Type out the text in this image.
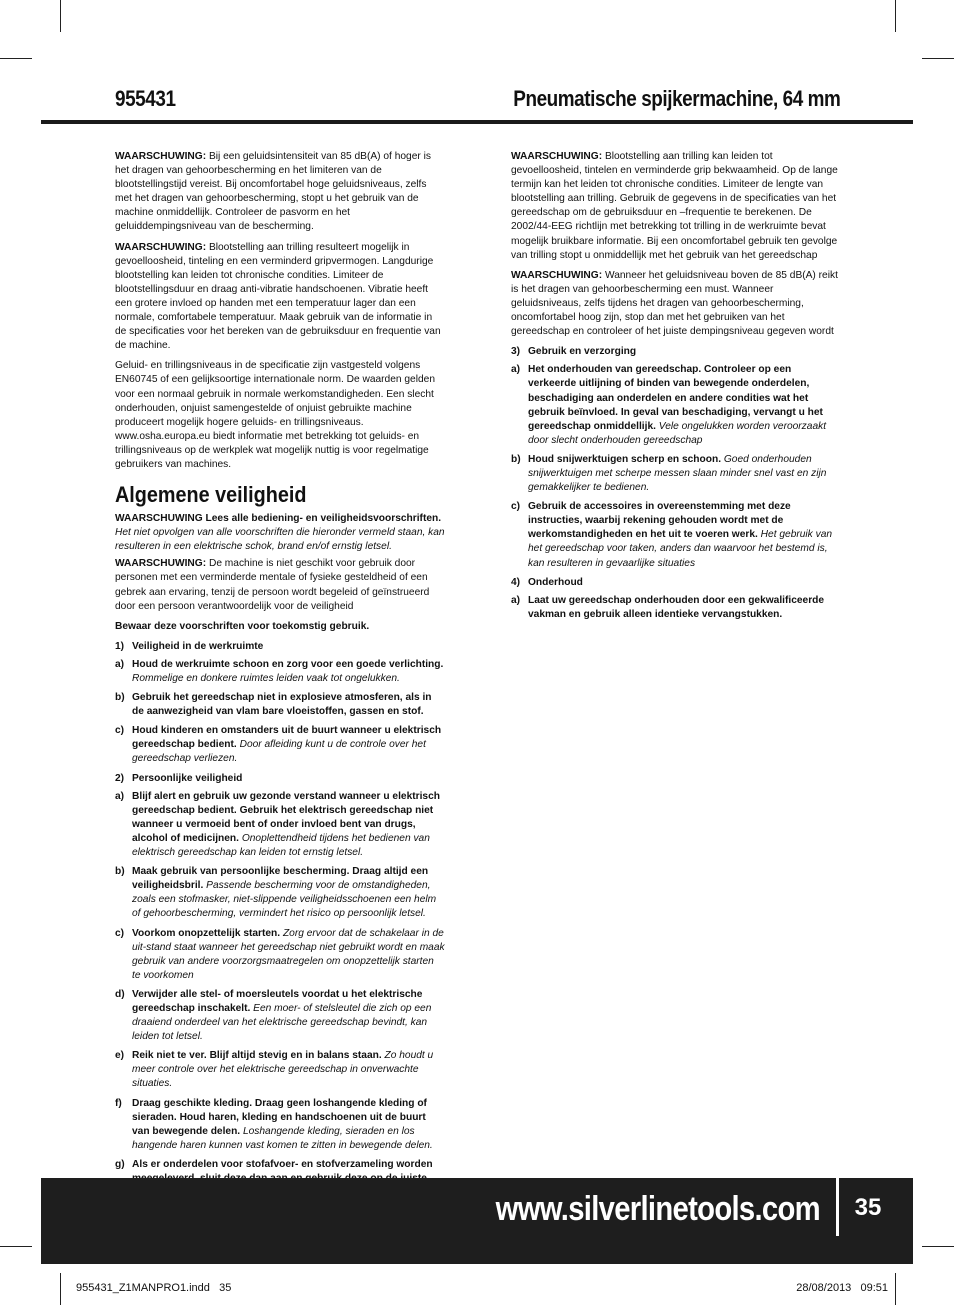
955431	Pneumatische spijkermachine, 64 mm

WAARSCHUWING: Bij een geluidsintensiteit van 85 dB(A) of hoger is het dragen van gehoorbescherming en het limiteren van de blootstellingstijd vereist. Bij oncomfortabel hoge geluidsniveaus, zelfs met het dragen van gehoorbescherming, stopt u het gebruik van de machine onmiddellijk. Controleer de pasvorm en het geluiddempingsniveau van de bescherming.

WAARSCHUWING: Blootstelling aan trilling resulteert mogelijk in gevoelloosheid, tinteling en een verminderd gripvermogen. Langdurige blootstelling kan leiden tot chronische condities. Limiteer de blootstellingsduur en draag anti-vibratie handschoenen. Vibratie heeft een grotere invloed op handen met een temperatuur lager dan een normale, comfortabele temperatuur. Maak gebruik van de informatie in de specificaties voor het bereken van de gebruiksduur en frequentie van de machine.

Geluid- en trillingsniveaus in de specificatie zijn vastgesteld volgens EN60745 of een gelijksoortige internationale norm. De waarden gelden voor een normaal gebruik in normale werkomstandigheden. Een slecht onderhouden, onjuist samengestelde of onjuist gebruikte machine produceert mogelijk hogere geluids- en trillingsniveaus. www.osha.europa.eu biedt informatie met betrekking tot geluids- en trillingsniveaus op de werkplek wat mogelijk nuttig is voor regelmatige gebruikers van machines.

Algemene veiligheid

WAARSCHUWING Lees alle bediening- en veiligheidsvoorschriften.
Het niet opvolgen van alle voorschriften die hieronder vermeld staan, kan resulteren in een elektrische schok, brand en/of ernstig letsel.

WAARSCHUWING: De machine is niet geschikt voor gebruik door personen met een verminderde mentale of fysieke gesteldheid of een gebrek aan ervaring, tenzij de persoon wordt begeleid of geïnstrueerd door een persoon verantwoordelijk voor de veiligheid

Bewaar deze voorschriften voor toekomstig gebruik.

1) Veiligheid in de werkruimte
a) Houd de werkruimte schoon en zorg voor een goede verlichting. Rommelige en donkere ruimtes leiden vaak tot ongelukken.
b) Gebruik het gereedschap niet in explosieve atmosferen, als in de aanwezigheid van vlam bare vloeistoffen, gassen en stof.
c) Houd kinderen en omstanders uit de buurt wanneer u elektrisch gereedschap bedient. Door afleiding kunt u de controle over het gereedschap verliezen.
2) Persoonlijke veiligheid
a) Blijf alert en gebruik uw gezonde verstand wanneer u elektrisch gereedschap bedient. Gebruik het elektrisch gereedschap niet wanneer u vermoeid bent of onder invloed bent van drugs, alcohol of medicijnen. Onoplettendheid tijdens het bedienen van elektrisch gereedschap kan leiden tot ernstig letsel.
b) Maak gebruik van persoonlijke bescherming. Draag altijd een veiligheidsbril. Passende bescherming voor de omstandigheden, zoals een stofmasker, niet-slippende veiligheidsschoenen een helm of gehoorbescherming, vermindert het risico op persoonlijk letsel.
c) Voorkom onopzettelijk starten. Zorg ervoor dat de schakelaar in de uit-stand staat wanneer het gereedschap niet gebruikt wordt en maak gebruik van andere voorzorgsmaatregelen om onopzettelijk starten te voorkomen
d) Verwijder alle stel- of moersleutels voordat u het elektrische gereedschap inschakelt. Een moer- of stelsleutel die zich op een draaiend onderdeel van het elektrische gereedschap bevindt, kan leiden tot letsel.
e) Reik niet te ver. Blijf altijd stevig en in balans staan. Zo houdt u meer controle over het elektrische gereedschap in onverwachte situaties.
f)	Draag geschikte kleding. Draag geen loshangende kleding of sieraden. Houd haren, kleding en handschoenen uit de buurt van bewegende delen. Loshangende kleding, sieraden en los hangende haren kunnen vast komen te zitten in bewegende delen.
g) Als er onderdelen voor stofafvoer- en stofverzameling worden

WAARSCHUWING: Blootstelling aan trilling kan leiden tot gevoelloosheid, tintelen en verminderde grip bekwaamheid. Op de lange termijn kan het leiden tot chronische condities. Limiteer de lengte van blootstelling aan trilling. Gebruik de gegevens in de specificaties van het gereedschap om de gebruiksduur en –frequentie te berekenen. De 2002/44-EEG richtlijn met betrekking tot trilling in de werkruimte bevat mogelijk bruikbare informatie. Bij een oncomfortabel gebruik ten gevolge van trilling stopt u onmiddellijk met het gebruik van het gereedschap

WAARSCHUWING: Wanneer het geluidsniveau boven de 85 dB(A) reikt is het dragen van gehoorbescherming een must. Wanneer geluidsniveaus, zelfs tijdens het dragen van gehoorbescherming, oncomfortabel hoog zijn, stop dan met het gebruiken van het gereedschap en controleer of het juiste dempingsniveau gegeven wordt

3) Gebruik en verzorging
a) Het onderhouden van gereedschap. Controleer op een verkeerde uitlijning of binden van bewegende onderdelen, beschadiging aan onderdelen en andere condities wat het gebruik beïnvloed. In geval van beschadiging, vervangt u het gereedschap onmiddellijk. Vele ongelukken worden veroorzaakt door slecht onderhouden gereedschap
b) Houd snijwerktuigen scherp en schoon. Goed onderhouden snijwerktuigen met scherpe messen slaan minder snel vast en zijn gemakkelijker te bedienen.
c) Gebruik de accessoires in overeenstemming met deze instructies, waarbij rekening gehouden wordt met de werkomstandigheden en het uit te voeren werk. Het gebruik van het gereedschap voor taken, anders dan waarvoor het bestemd is, kan resulteren in gevaarlijke situaties
4) Onderhoud
a) Laat uw gereedschap onderhouden door een gekwalificeerde vakman en gebruik alleen identieke vervangstukken.
www.silverlinetools.com	35
955431_Z1MANPRO1.indd   35	28/08/2013   09:51
